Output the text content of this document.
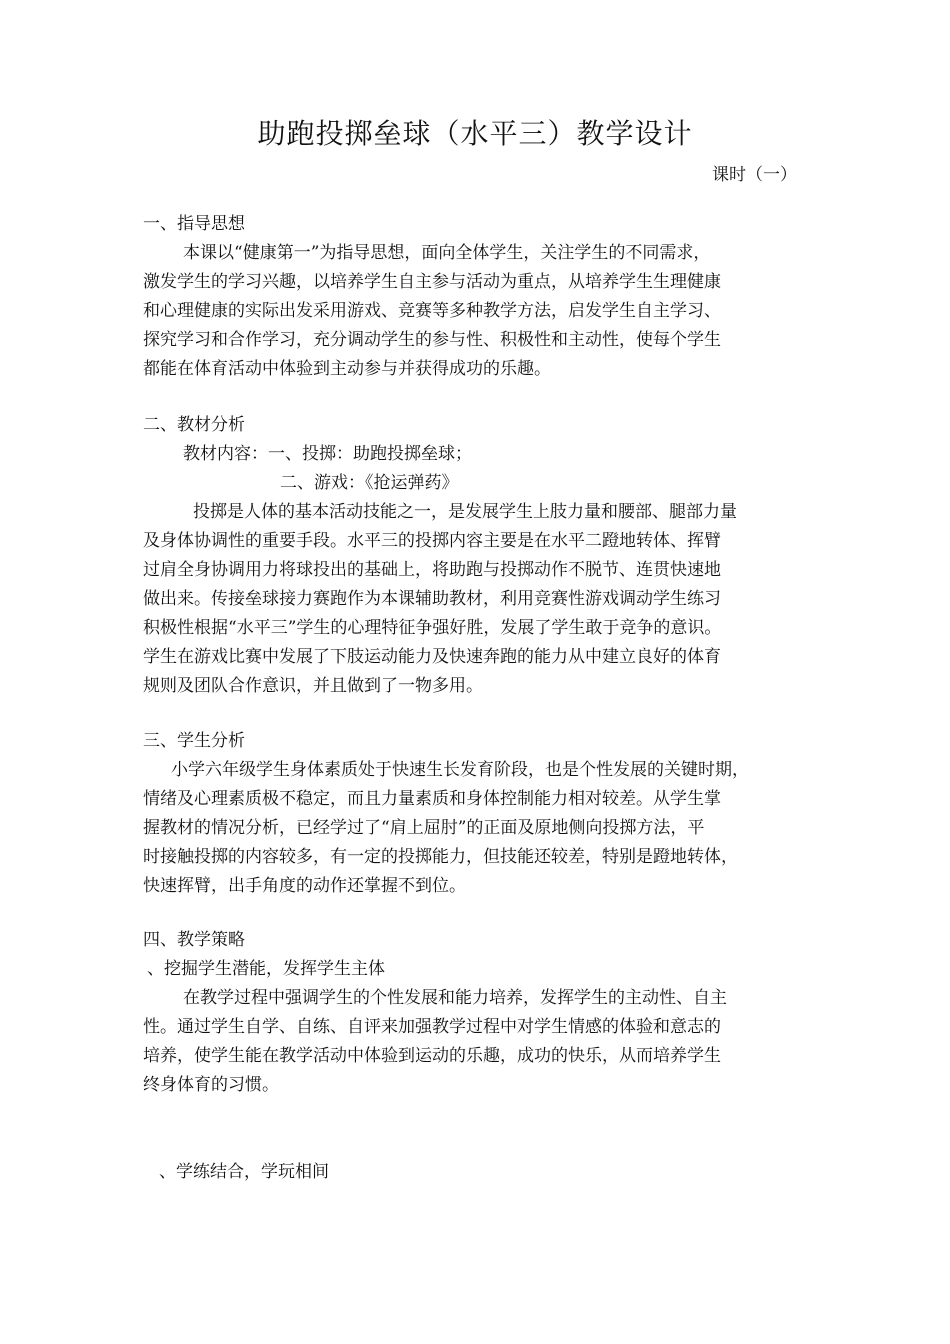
助跑投掷垒球（水平三）教学设计
课时（一）
一、指导思想
本课以“健康第一”为指导思想，面向全体学生，关注学生的不同需求，
激发学生的学习兴趣，以培养学生自主参与活动为重点，从培养学生生理健康
和心理健康的实际出发采用游戏、竞赛等多种教学方法，启发学生自主学习、
探究学习和合作学习，充分调动学生的参与性、积极性和主动性，使每个学生
都能在体育活动中体验到主动参与并获得成功的乐趣。
二、教材分析
教材内容：一、投掷：助跑投掷垒球；
二、游戏：《抢运弹药》
投掷是人体的基本活动技能之一，是发展学生上肢力量和腰部、腿部力量
及身体协调性的重要手段。水平三的投掷内容主要是在水平二蹬地转体、挥臂
过肩全身协调用力将球投出的基础上，将助跑与投掷动作不脱节、连贯快速地
做出来。传接垒球接力赛跑作为本课辅助教材，利用竞赛性游戏调动学生练习
积极性根据“水平三”学生的心理特征争强好胜，发展了学生敢于竞争的意识。
学生在游戏比赛中发展了下肢运动能力及快速奔跑的能力从中建立良好的体育
规则及团队合作意识，并且做到了一物多用。
三、学生分析
小学六年级学生身体素质处于快速生长发育阶段，也是个性发展的关键时期，
情绪及心理素质极不稳定，而且力量素质和身体控制能力相对较差。从学生掌
握教材的情况分析，已经学过了“肩上屈肘”的正面及原地侧向投掷方法，平
时接触投掷的内容较多，有一定的投掷能力，但技能还较差，特别是蹬地转体，
快速挥臂，出手角度的动作还掌握不到位。
四、教学策略
、挖掘学生潜能，发挥学生主体
在教学过程中强调学生的个性发展和能力培养，发挥学生的主动性、自主
性。通过学生自学、自练、自评来加强教学过程中对学生情感的体验和意志的
培养，使学生能在教学活动中体验到运动的乐趣，成功的快乐，从而培养学生
终身体育的习惯。
、学练结合，学玩相间
